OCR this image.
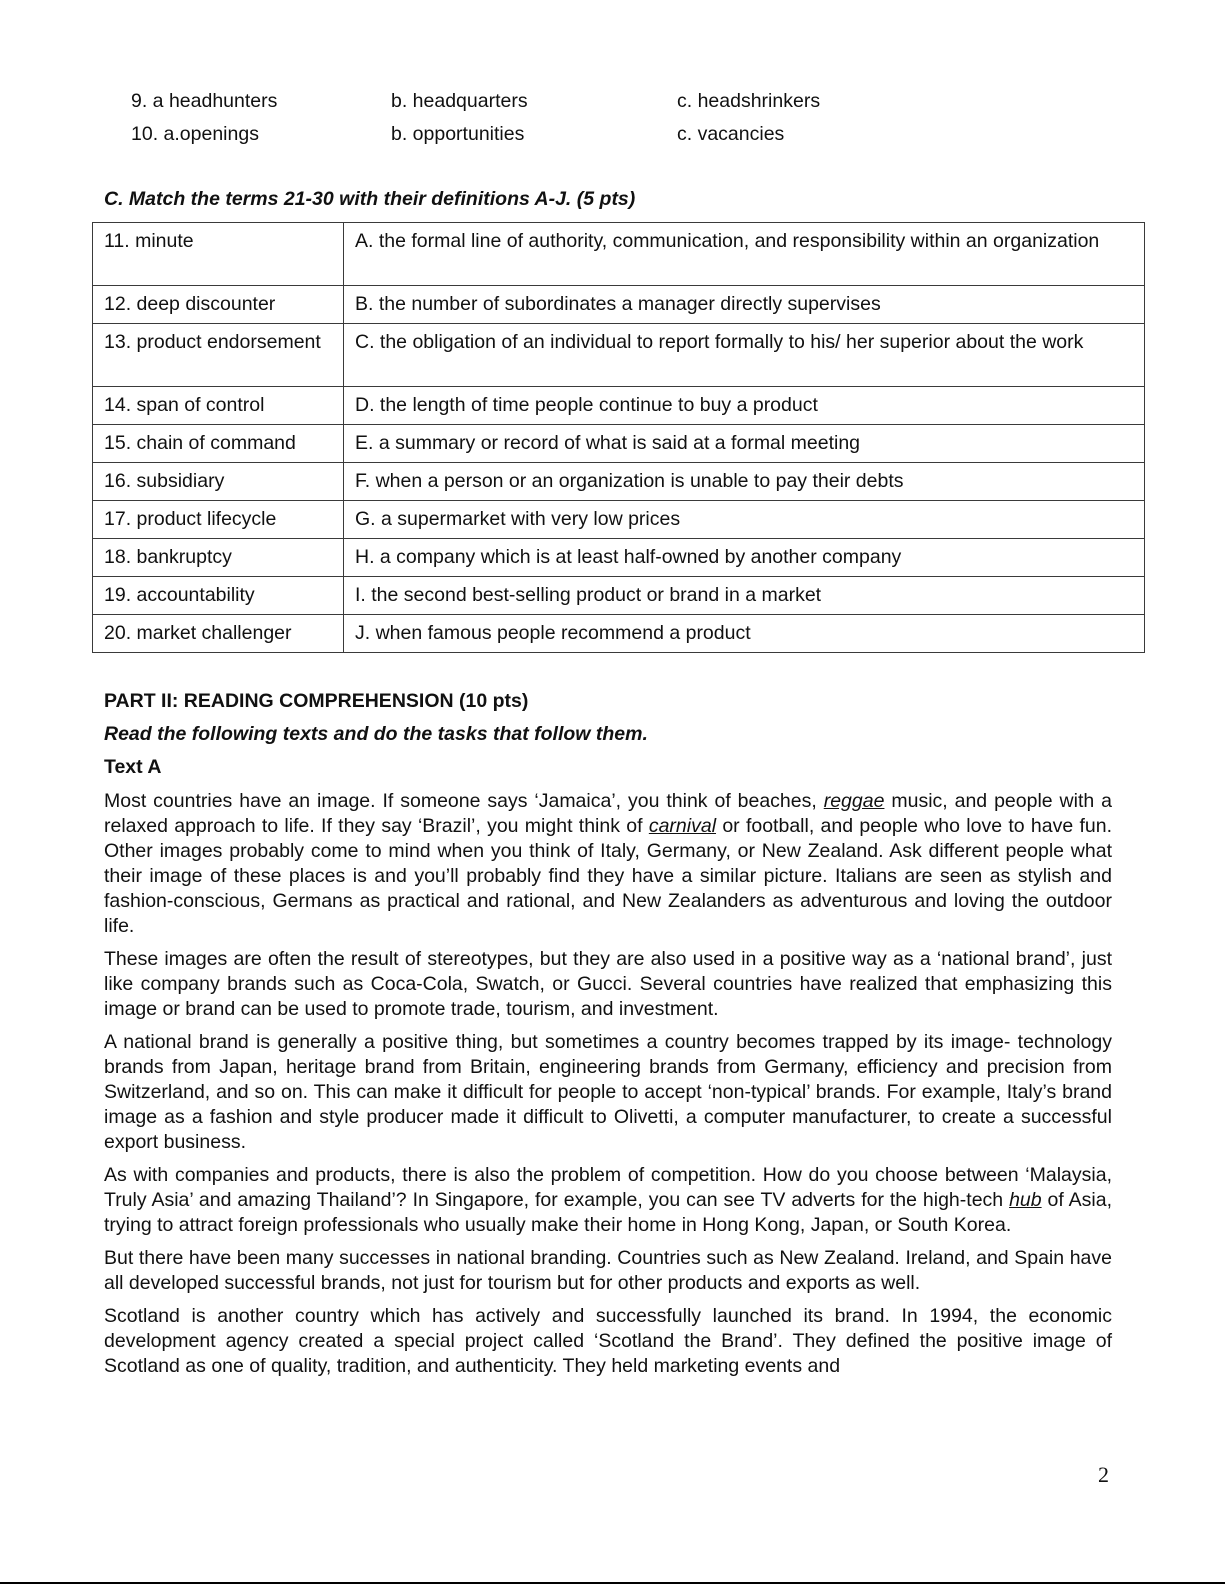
9. a headhunters	b. headquarters	c. headshrinkers
10. a.openings	b. opportunities	c. vacancies
C. Match the terms 21-30 with their definitions A-J. (5 pts)
11. minute	A. the formal line of authority, communication, and responsibility within an organization

12. deep discounter	B. the number of subordinates a manager directly supervises

13. product endorsement	C. the obligation of an individual to report formally to his/ her superior about the work

14. span of control	D. the length of time people continue to buy a product

15. chain of command	E. a summary or record of what is said at a formal meeting

16. subsidiary	F. when a person or an organization is unable to pay their debts

17. product lifecycle	G. a supermarket with very low prices

18. bankruptcy	H. a company which is at least half-owned by another company

19. accountability	I. the second best-selling product or brand in a market

20. market challenger	J. when famous people recommend a product
PART II: READING COMPREHENSION (10 pts)
Read the following texts and do the tasks that follow them.
Text A

Most countries have an image. If someone says ‘Jamaica’, you think of beaches, reggae music, and people with a relaxed approach to life. If they say ‘Brazil’, you might think of carnival or football, and people who love to have fun. Other images probably come to mind when you think of Italy, Germany, or New Zealand. Ask different people what their image of these places is and you’ll probably find they have a similar picture. Italians are seen as stylish and fashion-conscious, Germans as practical and rational, and New Zealanders as adventurous and loving the outdoor life.

These images are often the result of stereotypes, but they are also used in a positive way as a ‘national brand’, just like company brands such as Coca-Cola, Swatch, or Gucci. Several countries have realized that emphasizing this image or brand can be used to promote trade, tourism, and investment.

A national brand is generally a positive thing, but sometimes a country becomes trapped by its image- technology brands from Japan, heritage brand from Britain, engineering brands from Germany, efficiency and precision from Switzerland, and so on. This can make it difficult for people to accept ‘non-typical’ brands. For example, Italy’s brand image as a fashion and style producer made it difficult to Olivetti, a computer manufacturer, to create a successful export business.

As with companies and products, there is also the problem of competition. How do you choose between ‘Malaysia, Truly Asia’ and amazing Thailand’? In Singapore, for example, you can see TV adverts for the high-tech hub of Asia, trying to attract foreign professionals who usually make their home in Hong Kong, Japan, or South Korea.

But there have been many successes in national branding. Countries such as New Zealand. Ireland, and Spain have all developed successful brands, not just for tourism but for other products and exports as well.

Scotland is another country which has actively and successfully launched its brand. In 1994, the economic development agency created a special project called ‘Scotland the Brand’. They defined the positive image of Scotland as one of quality, tradition, and authenticity. They held marketing events and

2
